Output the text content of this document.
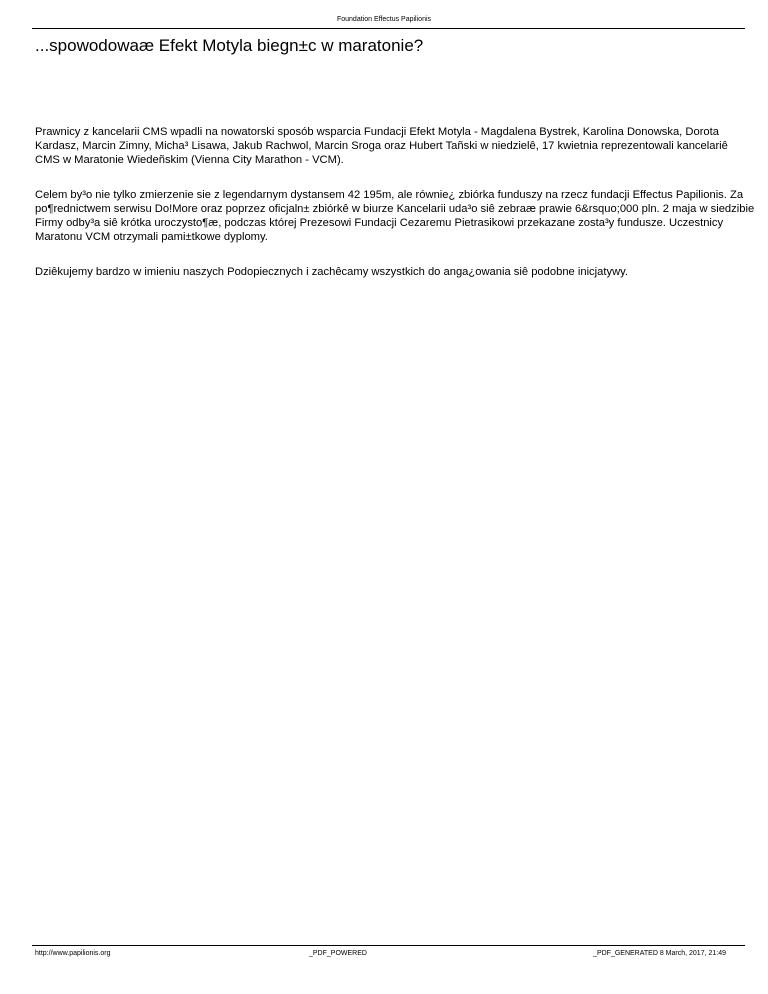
Foundation Effectus Papilionis
...spowodowaæ Efekt Motyla biegn±c w maratonie?

Prawnicy z kancelarii CMS wpadli na nowatorski sposób wsparcia Fundacji Efekt Motyla - Magdalena Bystrek, Karolina Donowska, Dorota Kardasz, Marcin Zimny, Micha³ Lisawa, Jakub Rachwol, Marcin Sroga oraz Hubert Tañski w niedzielê, 17 kwietnia reprezentowali kancelariê CMS w Maratonie Wiedeñskim (Vienna City Marathon - VCM).

Celem by³o nie tylko zmierzenie sie z legendarnym dystansem 42 195m, ale równie¿ zbiórka funduszy na rzecz fundacji Effectus Papilionis. Za po¶rednictwem serwisu Do!More oraz poprzez oficjaln± zbiórkê w biurze Kancelarii uda³o siê zebraæ prawie 6&rsquo;000 pln. 2 maja w siedzibie Firmy odby³a siê krótka uroczysto¶æ, podczas której Prezesowi Fundacji Cezaremu Pietrasikowi przekazane zosta³y fundusze. Uczestnicy Maratonu VCM otrzymali pami±tkowe dyplomy.

Dziêkujemy bardzo w imieniu naszych Podopiecznych i zachêcamy wszystkich do anga¿owania siê podobne inicjatywy.

http://www.papilionis.org	_PDF_POWERED	_PDF_GENERATED 8 March, 2017, 21:49
